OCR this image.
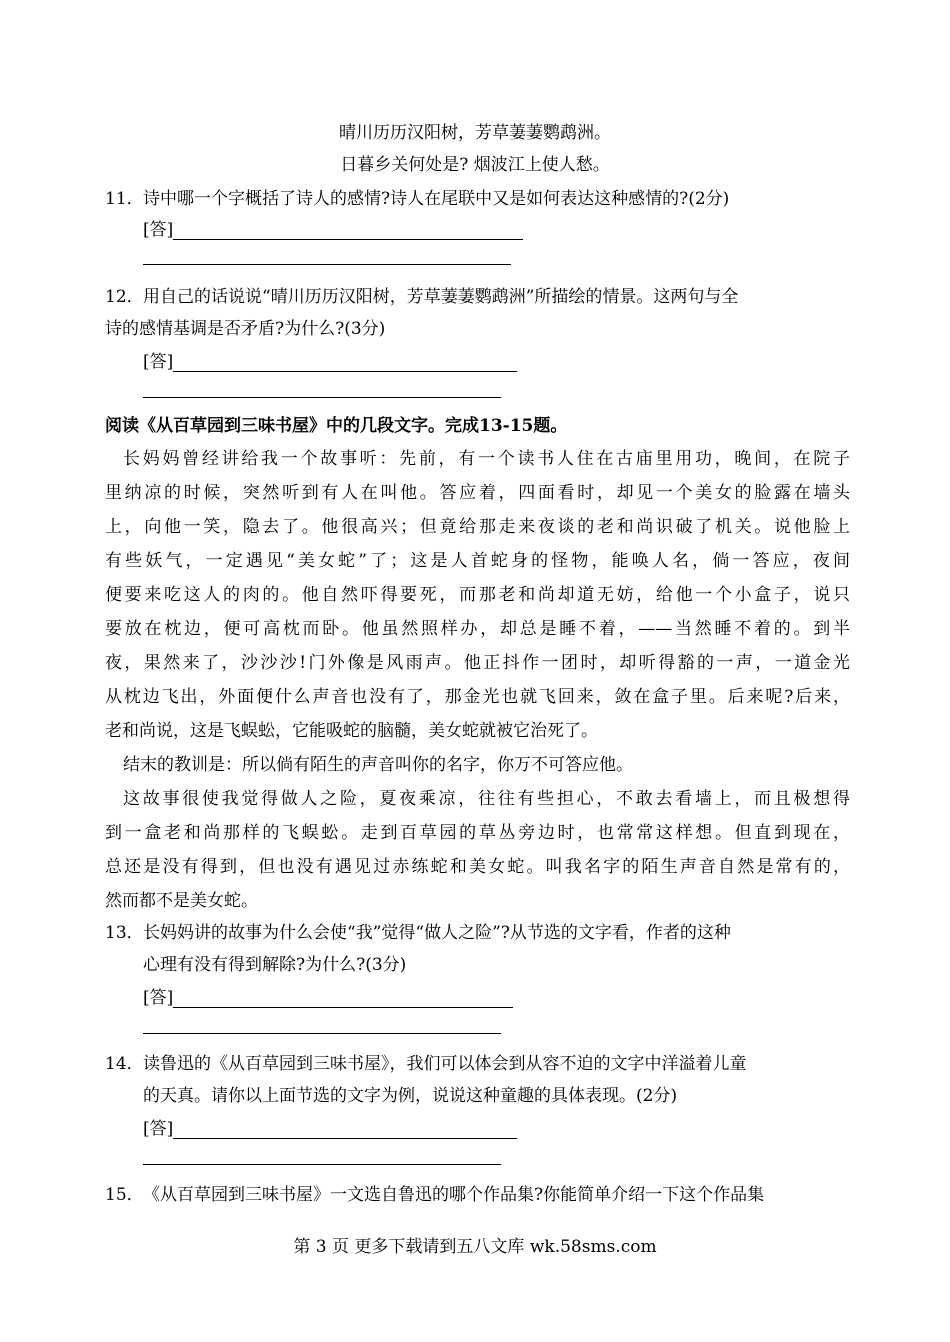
晴川历历汉阳树，芳草萋萋鹦鹉洲。
日暮乡关何处是? 烟波江上使人愁。
11． 诗中哪一个字概括了诗人的感情?诗人在尾联中又是如何表达这种感情的?(2分)
[答]
12． 用自己的话说说“晴川历历汉阳树，芳草萋萋鹦鹉洲”所描绘的情景。这两句与全
诗的感情基调是否矛盾?为什么?(3分)
[答]
阅读《从百草园到三味书屋》中的几段文字。完成13-15题。
长妈妈曾经讲给我一个故事听：先前，有一个读书人住在古庙里用功，晚间，在院子
里纳凉的时候，突然听到有人在叫他。答应着，四面看时，却见一个美女的脸露在墙头
上，向他一笑，隐去了。他很高兴；但竟给那走来夜谈的老和尚识破了机关。说他脸上
有些妖气，一定遇见“美女蛇”了；这是人首蛇身的怪物，能唤人名，倘一答应，夜间
便要来吃这人的肉的。他自然吓得要死，而那老和尚却道无妨，给他一个小盒子，说只
要放在枕边，便可高枕而卧。他虽然照样办，却总是睡不着，——当然睡不着的。到半
夜，果然来了，沙沙沙!门外像是风雨声。他正抖作一团时，却听得豁的一声，一道金光
从枕边飞出，外面便什么声音也没有了，那金光也就飞回来，敛在盒子里。后来呢?后来，
老和尚说，这是飞蜈蚣，它能吸蛇的脑髓，美女蛇就被它治死了。
结末的教训是：所以倘有陌生的声音叫你的名字，你万不可答应他。
这故事很使我觉得做人之险，夏夜乘凉，往往有些担心，不敢去看墙上，而且极想得
到一盒老和尚那样的飞蜈蚣。走到百草园的草丛旁边时，也常常这样想。但直到现在，
总还是没有得到，但也没有遇见过赤练蛇和美女蛇。叫我名字的陌生声音自然是常有的，
然而都不是美女蛇。
13． 长妈妈讲的故事为什么会使“我”觉得“做人之险”?从节选的文字看，作者的这种
心理有没有得到解除?为什么?(3分)
[答]
14． 读鲁迅的《从百草园到三味书屋》，我们可以体会到从容不迫的文字中洋溢着儿童
的天真。请你以上面节选的文字为例，说说这种童趣的具体表现。(2分)
[答]
15． 《从百草园到三味书屋》一文选自鲁迅的哪个作品集?你能简单介绍一下这个作品集
第 3 页 更多下载请到五八文库 wk.58sms.com
